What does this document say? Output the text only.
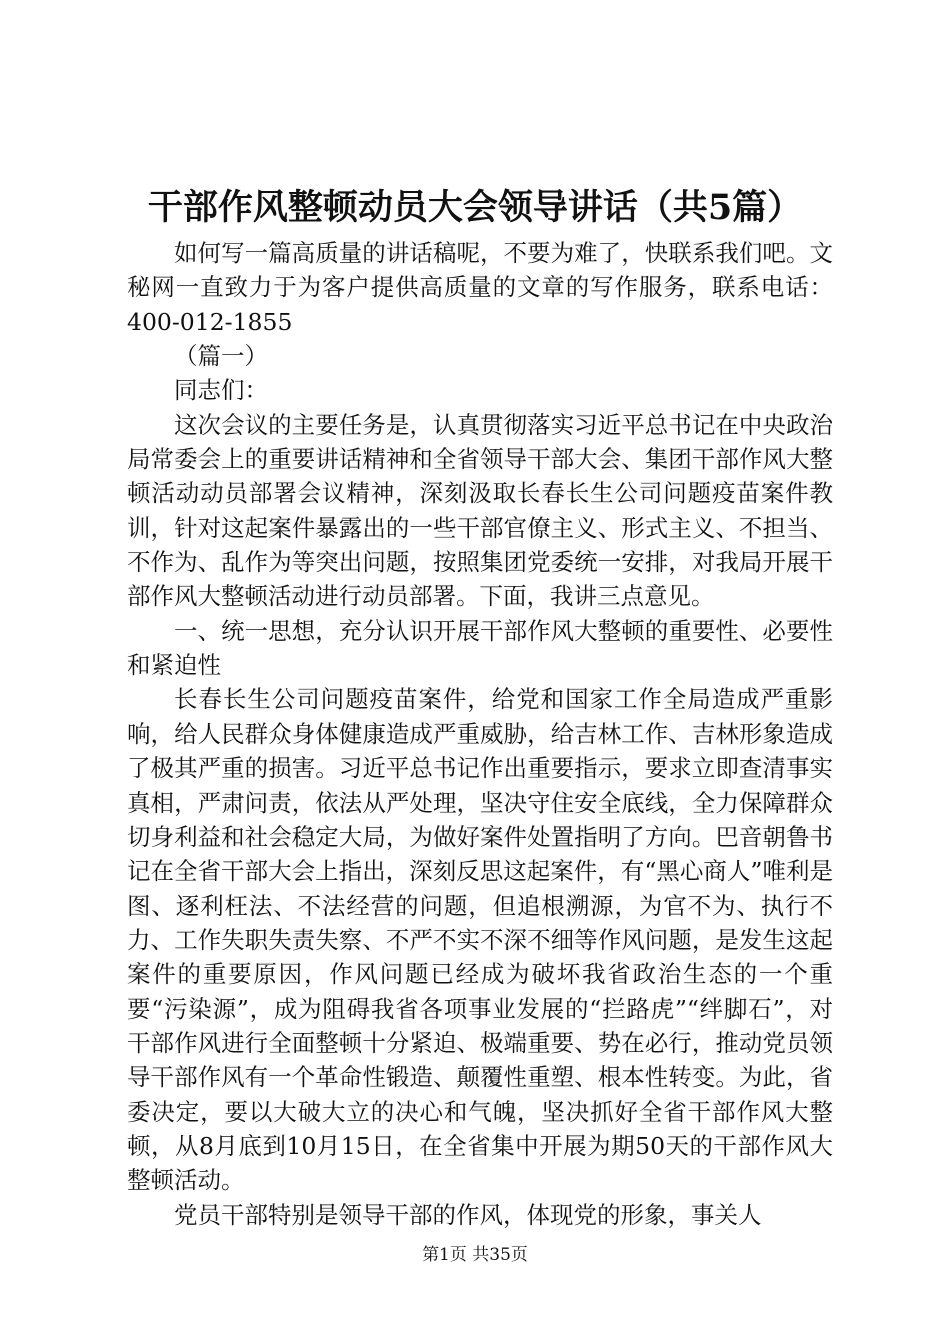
干部作风整顿动员大会领导讲话（共5篇）

如何写一篇高质量的讲话稿呢，不要为难了，快联系我们吧。文秘网一直致力于为客户提供高质量的文章的写作服务，联系电话：400-012-1855

（篇一）

同志们：

这次会议的主要任务是，认真贯彻落实习近平总书记在中央政治局常委会上的重要讲话精神和全省领导干部大会、集团干部作风大整顿活动动员部署会议精神，深刻汲取长春长生公司问题疫苗案件教训，针对这起案件暴露出的一些干部官僚主义、形式主义、不担当、不作为、乱作为等突出问题，按照集团党委统一安排，对我局开展干部作风大整顿活动进行动员部署。下面，我讲三点意见。

一、统一思想，充分认识开展干部作风大整顿的重要性、必要性和紧迫性

长春长生公司问题疫苗案件，给党和国家工作全局造成严重影响，给人民群众身体健康造成严重威胁，给吉林工作、吉林形象造成了极其严重的损害。习近平总书记作出重要指示，要求立即查清事实真相，严肃问责，依法从严处理，坚决守住安全底线，全力保障群众切身利益和社会稳定大局，为做好案件处置指明了方向。巴音朝鲁书记在全省干部大会上指出，深刻反思这起案件，有“黑心商人”唯利是图、逐利枉法、不法经营的问题，但追根溯源，为官不为、执行不力、工作失职失责失察、不严不实不深不细等作风问题，是发生这起案件的重要原因，作风问题已经成为破坏我省政治生态的一个重要“污染源”，成为阻碍我省各项事业发展的“拦路虎”“绊脚石”，对干部作风进行全面整顿十分紧迫、极端重要、势在必行，推动党员领导干部作风有一个革命性锻造、颠覆性重塑、根本性转变。为此，省委决定，要以大破大立的决心和气魄，坚决抓好全省干部作风大整顿，从8月底到10月15日，在全省集中开展为期50天的干部作风大整顿活动。

党员干部特别是领导干部的作风，体现党的形象，事关人

第1页 共35页
